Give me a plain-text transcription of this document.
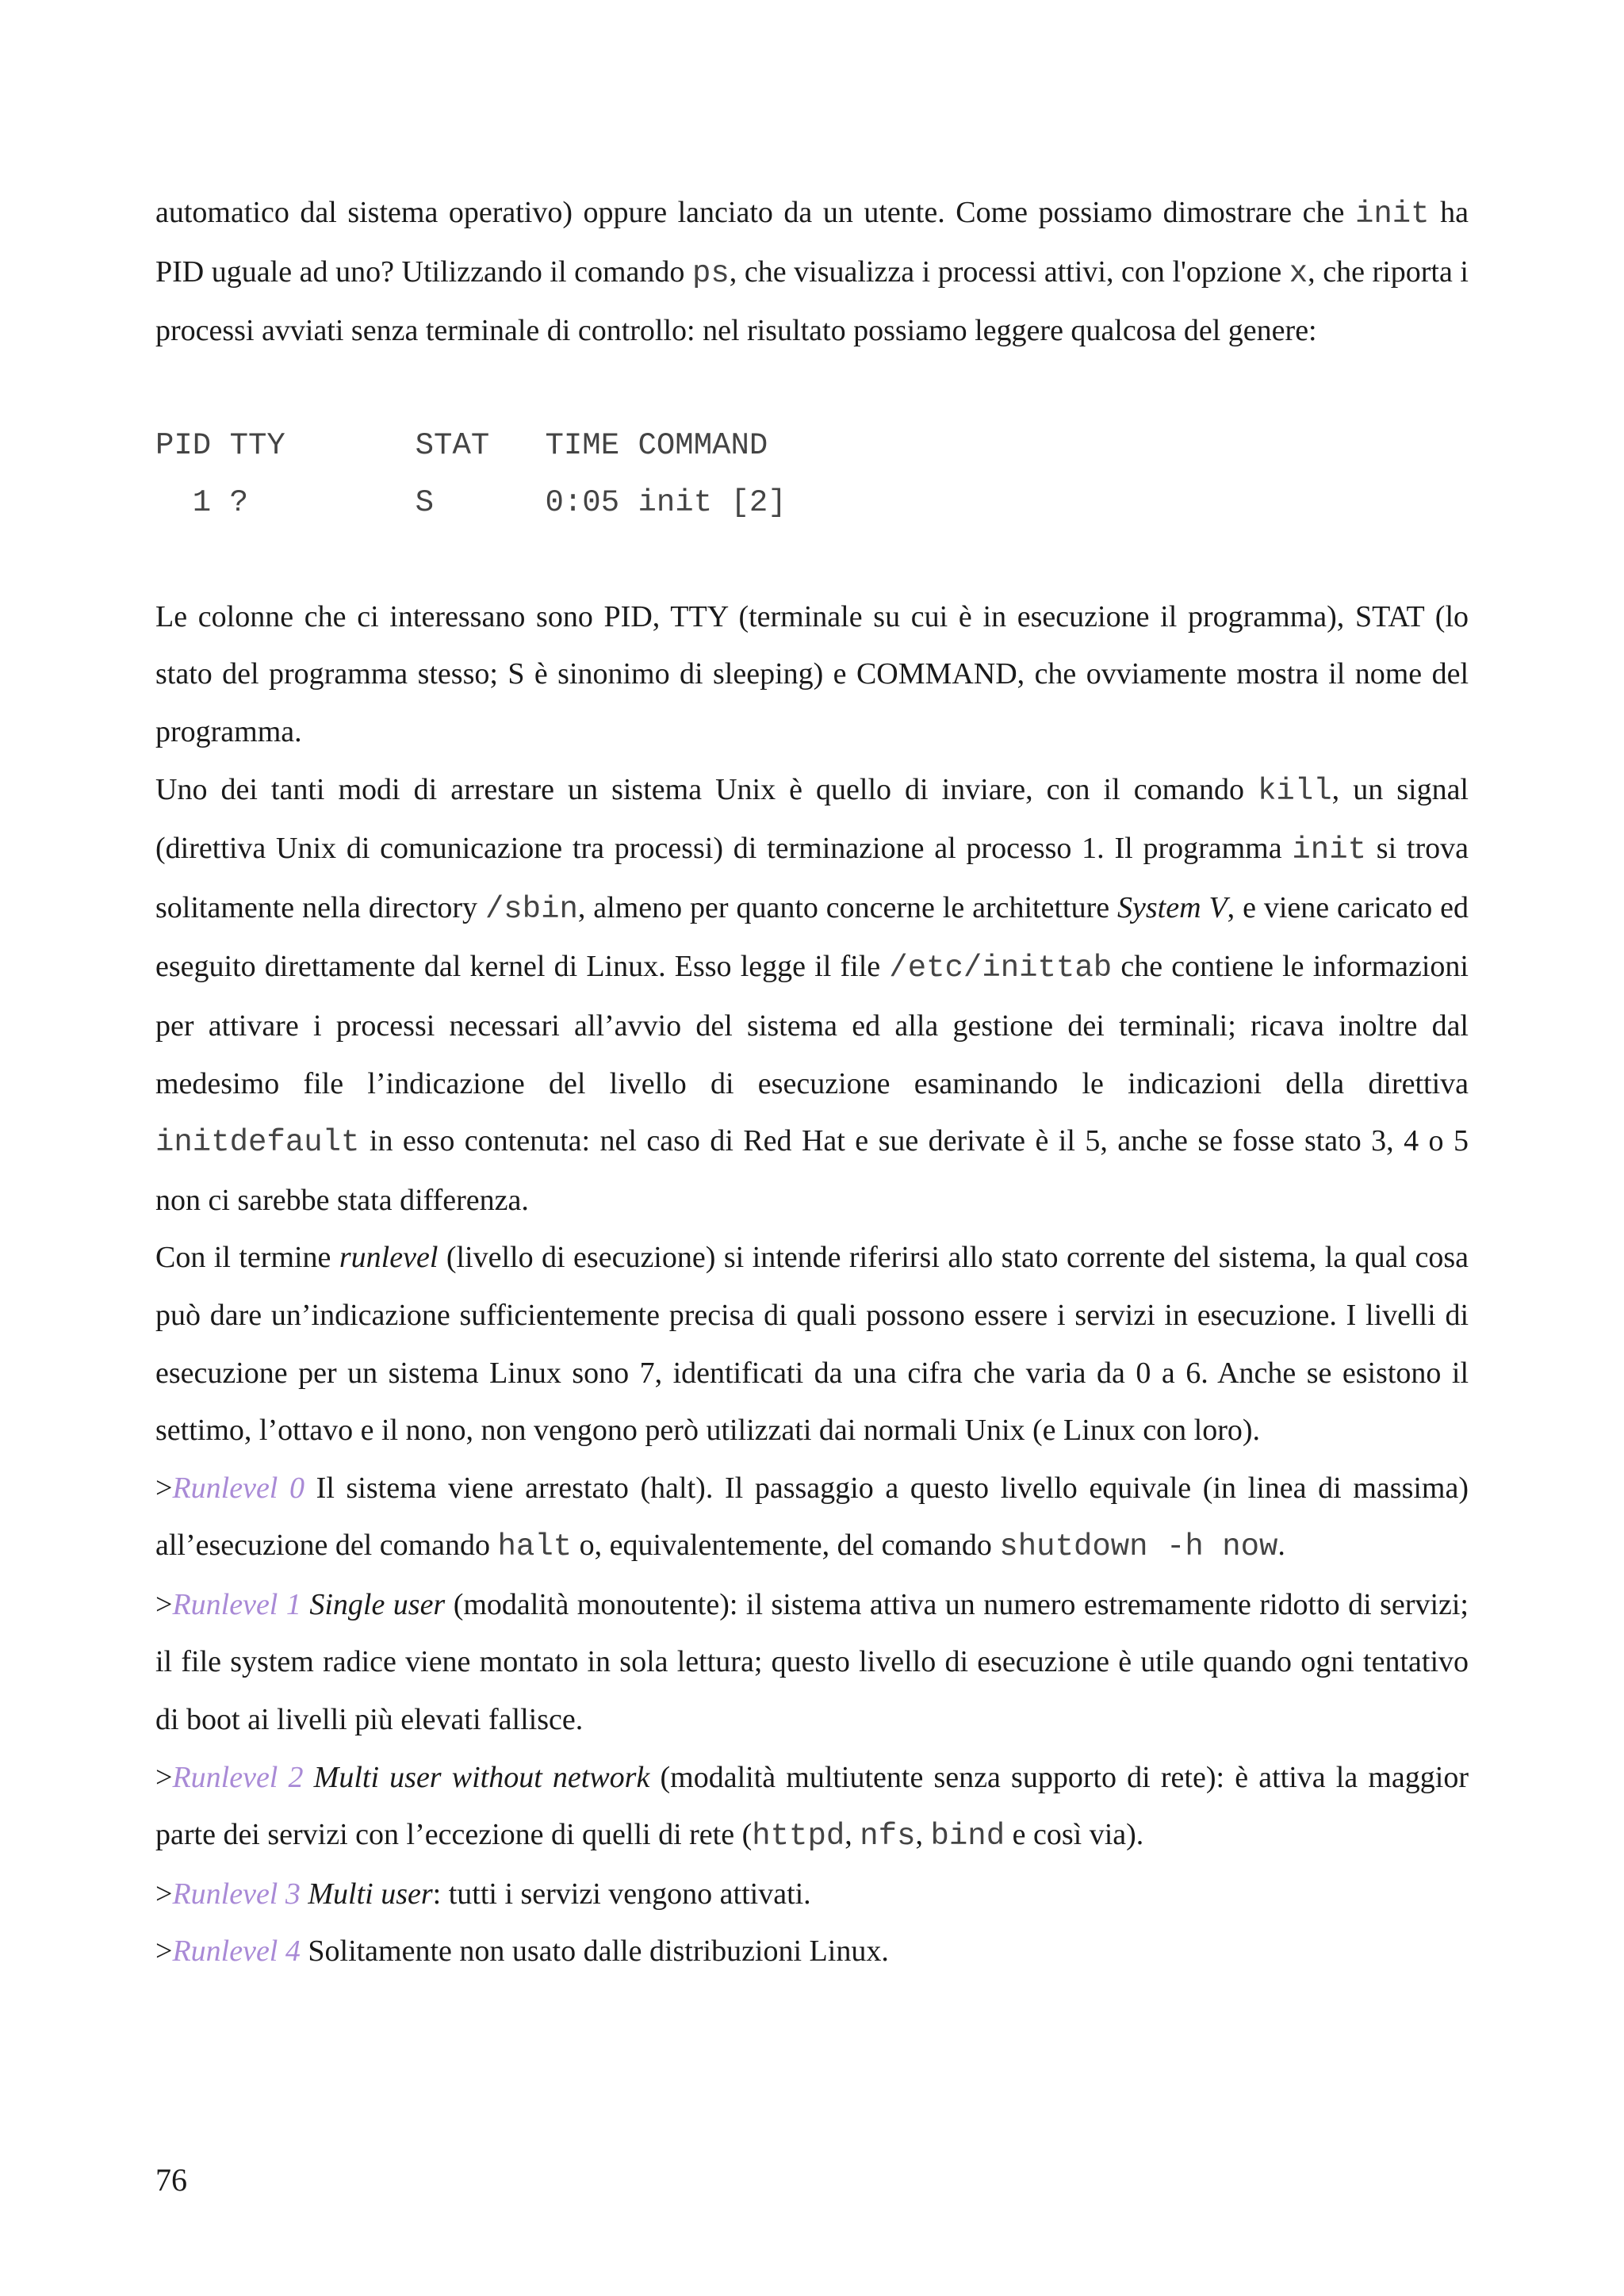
automatico dal sistema operativo) oppure lanciato da un utente. Come possiamo dimostrare che init ha PID uguale ad uno? Utilizzando il comando ps, che visualizza i processi attivi, con l'opzione x, che riporta i processi avviati senza terminale di controllo: nel risultato possiamo leggere qualcosa del genere:

PID TTY       STAT   TIME COMMAND
1 ?         S      0:05 init [2]

Le colonne che ci interessano sono PID, TTY (terminale su cui è in esecuzione il programma), STAT (lo stato del programma stesso; S è sinonimo di sleeping) e COMMAND, che ovviamente mostra il nome del programma.

Uno dei tanti modi di arrestare un sistema Unix è quello di inviare, con il comando kill, un signal (direttiva Unix di comunicazione tra processi) di terminazione al processo 1. Il programma init si trova solitamente nella directory /sbin, almeno per quanto concerne le architetture System V, e viene caricato ed eseguito direttamente dal kernel di Linux. Esso legge il file /etc/inittab che contiene le informazioni per attivare i processi necessari all’avvio del sistema ed alla gestione dei terminali; ricava inoltre dal medesimo file l’indicazione del livello di esecuzione esaminando le indicazioni della direttiva initdefault in esso contenuta: nel caso di Red Hat e sue derivate è il 5, anche se fosse stato 3, 4 o 5 non ci sarebbe stata differenza.

Con il termine runlevel (livello di esecuzione) si intende riferirsi allo stato corrente del sistema, la qual cosa può dare un’indicazione sufficientemente precisa di quali possono essere i servizi in esecuzione. I livelli di esecuzione per un sistema Linux sono 7, identificati da una cifra che varia da 0 a 6. Anche se esistono il settimo, l’ottavo e il nono, non vengono però utilizzati dai normali Unix (e Linux con loro).

>Runlevel 0 Il sistema viene arrestato (halt). Il passaggio a questo livello equivale (in linea di massima) all’esecuzione del comando halt o, equivalentemente, del comando shutdown -h now.

>Runlevel 1 Single user (modalità monoutente): il sistema attiva un numero estremamente ridotto di servizi; il file system radice viene montato in sola lettura; questo livello di esecuzione è utile quando ogni tentativo di boot ai livelli più elevati fallisce.

>Runlevel 2 Multi user without network (modalità multiutente senza supporto di rete): è attiva la maggior parte dei servizi con l’eccezione di quelli di rete (httpd, nfs, bind e così via).

>Runlevel 3 Multi user: tutti i servizi vengono attivati.

>Runlevel 4 Solitamente non usato dalle distribuzioni Linux.

76
